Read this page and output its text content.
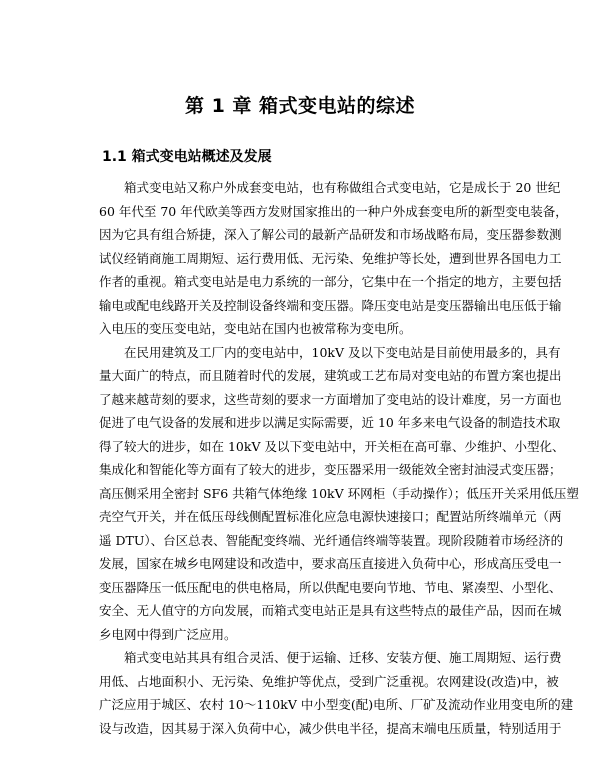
第 1 章 箱式变电站的综述
1.1 箱式变电站概述及发展
箱式变电站又称户外成套变电站，也有称做组合式变电站，它是成长于 20 世纪
60 年代至 70 年代欧美等西方发财国家推出的一种户外成套变电所的新型变电装备，
因为它具有组合矫捷，深入了解公司的最新产品研发和市场战略布局，变压器参数测
试仪经销商施工周期短、运行费用低、无污染、免维护等长处，遭到世界各国电力工
作者的重视。箱式变电站是电力系统的一部分，它集中在一个指定的地方，主要包括
输电或配电线路开关及控制设备终端和变压器。降压变电站是变压器输出电压低于输
入电压的变压变电站，变电站在国内也被常称为变电所。
在民用建筑及工厂内的变电站中，10kV 及以下变电站是目前使用最多的，具有
量大面广的特点，而且随着时代的发展，建筑或工艺布局对变电站的布置方案也提出
了越来越苛刻的要求，这些苛刻的要求一方面增加了变电站的设计难度，另一方面也
促进了电气设备的发展和进步以满足实际需要，近 10 年多来电气设备的制造技术取
得了较大的进步，如在 10kV 及以下变电站中，开关柜在高可靠、少维护、小型化、
集成化和智能化等方面有了较大的进步，变压器采用一级能效全密封油浸式变压器；
高压侧采用全密封 SF6 共箱气体绝缘 10kV 环网柜（手动操作）；低压开关采用低压塑
壳空气开关，并在低压母线侧配置标准化应急电源快速接口；配置站所终端单元（两
遥 DTU）、台区总表、智能配变终端、光纤通信终端等装置。现阶段随着市场经济的
发展，国家在城乡电网建设和改造中，要求高压直接进入负荷中心，形成高压受电一
变压器降压一低压配电的供电格局，所以供配电要向节地、节电、紧凑型、小型化、
安全、无人值守的方向发展，而箱式变电站正是具有这些特点的最佳产品，因而在城
乡电网中得到广泛应用。
箱式变电站其具有组合灵活、便于运输、迁移、安装方便、施工周期短、运行费
用低、占地面积小、无污染、免维护等优点，受到广泛重视。农网建设(改造)中，被
广泛应用于城区、农村 10～110kV 中小型变(配)电所、厂矿及流动作业用变电所的建
设与改造，因其易于深入负荷中心，减少供电半径，提高末端电压质量，特别适用于
